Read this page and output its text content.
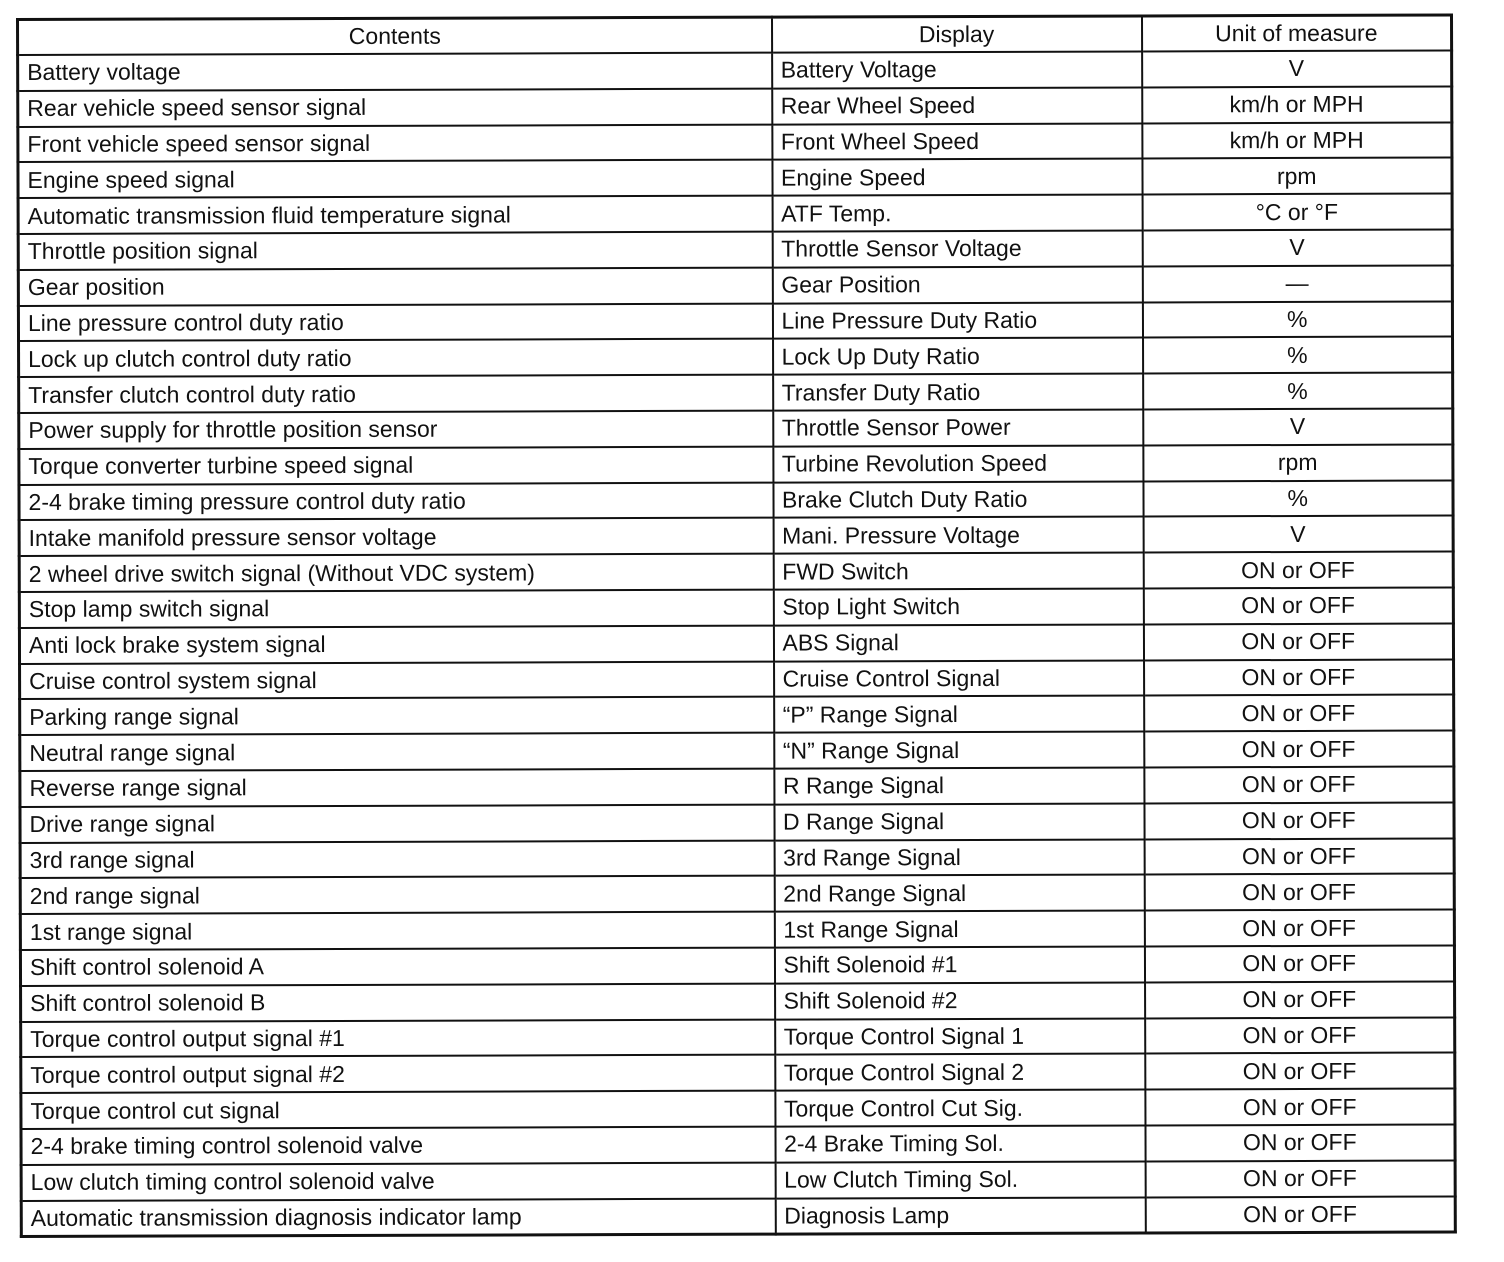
Contents	Display	Unit of measure
Battery voltage	Battery Voltage	V
Rear vehicle speed sensor signal	Rear Wheel Speed	km/h or MPH
Front vehicle speed sensor signal	Front Wheel Speed	km/h or MPH
Engine speed signal	Engine Speed	rpm
Automatic transmission fluid temperature signal	ATF Temp.	°C or °F
Throttle position signal	Throttle Sensor Voltage	V
Gear position	Gear Position	—
Line pressure control duty ratio	Line Pressure Duty Ratio	%
Lock up clutch control duty ratio	Lock Up Duty Ratio	%
Transfer clutch control duty ratio	Transfer Duty Ratio	%
Power supply for throttle position sensor	Throttle Sensor Power	V
Torque converter turbine speed signal	Turbine Revolution Speed	rpm
2-4 brake timing pressure control duty ratio	Brake Clutch Duty Ratio	%
Intake manifold pressure sensor voltage	Mani. Pressure Voltage	V
2 wheel drive switch signal (Without VDC system)	FWD Switch	ON or OFF
Stop lamp switch signal	Stop Light Switch	ON or OFF
Anti lock brake system signal	ABS Signal	ON or OFF
Cruise control system signal	Cruise Control Signal	ON or OFF
Parking range signal	“P” Range Signal	ON or OFF
Neutral range signal	“N” Range Signal	ON or OFF
Reverse range signal	R Range Signal	ON or OFF
Drive range signal	D Range Signal	ON or OFF
3rd range signal	3rd Range Signal	ON or OFF
2nd range signal	2nd Range Signal	ON or OFF
1st range signal	1st Range Signal	ON or OFF
Shift control solenoid A	Shift Solenoid #1	ON or OFF
Shift control solenoid B	Shift Solenoid #2	ON or OFF
Torque control output signal #1	Torque Control Signal 1	ON or OFF
Torque control output signal #2	Torque Control Signal 2	ON or OFF
Torque control cut signal	Torque Control Cut Sig.	ON or OFF
2-4 brake timing control solenoid valve	2-4 Brake Timing Sol.	ON or OFF
Low clutch timing control solenoid valve	Low Clutch Timing Sol.	ON or OFF
Automatic transmission diagnosis indicator lamp	Diagnosis Lamp	ON or OFF
